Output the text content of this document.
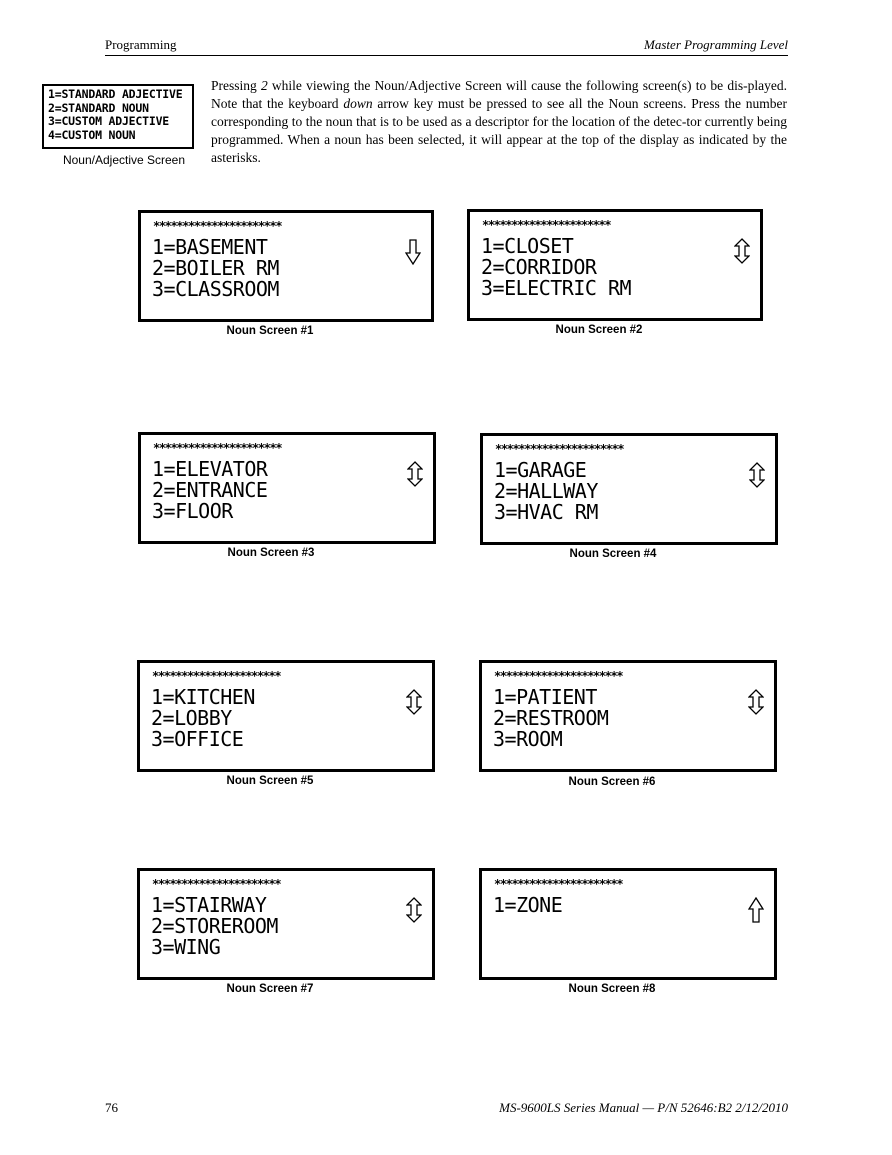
Programming	Master Programming Level
1=STANDARD ADJECTIVE
2=STANDARD NOUN
3=CUSTOM ADJECTIVE
4=CUSTOM NOUN
Noun/Adjective Screen
Pressing 2 while viewing the Noun/Adjective Screen will cause the following screen(s) to be dis-played. Note that the keyboard down arrow key must be pressed to see all the Noun screens. Press the number corresponding to the noun that is to be used as a descriptor for the location of the detec-tor currently being programmed. When a noun has been selected, it will appear at the top of the display as indicated by the asterisks.
**********************
1=BASEMENT
2=BOILER RM
3=CLASSROOM
Noun Screen #1
**********************
1=CLOSET
2=CORRIDOR
3=ELECTRIC RM
Noun Screen #2
**********************
1=ELEVATOR
2=ENTRANCE
3=FLOOR
Noun Screen #3
**********************
1=GARAGE
2=HALLWAY
3=HVAC RM
Noun Screen #4
**********************
1=KITCHEN
2=LOBBY
3=OFFICE
Noun Screen #5
**********************
1=PATIENT
2=RESTROOM
3=ROOM
Noun Screen #6
**********************
1=STAIRWAY
2=STOREROOM
3=WING
Noun Screen #7
**********************
1=ZONE
Noun Screen #8
76	MS-9600LS Series Manual — P/N 52646:B2 2/12/2010
